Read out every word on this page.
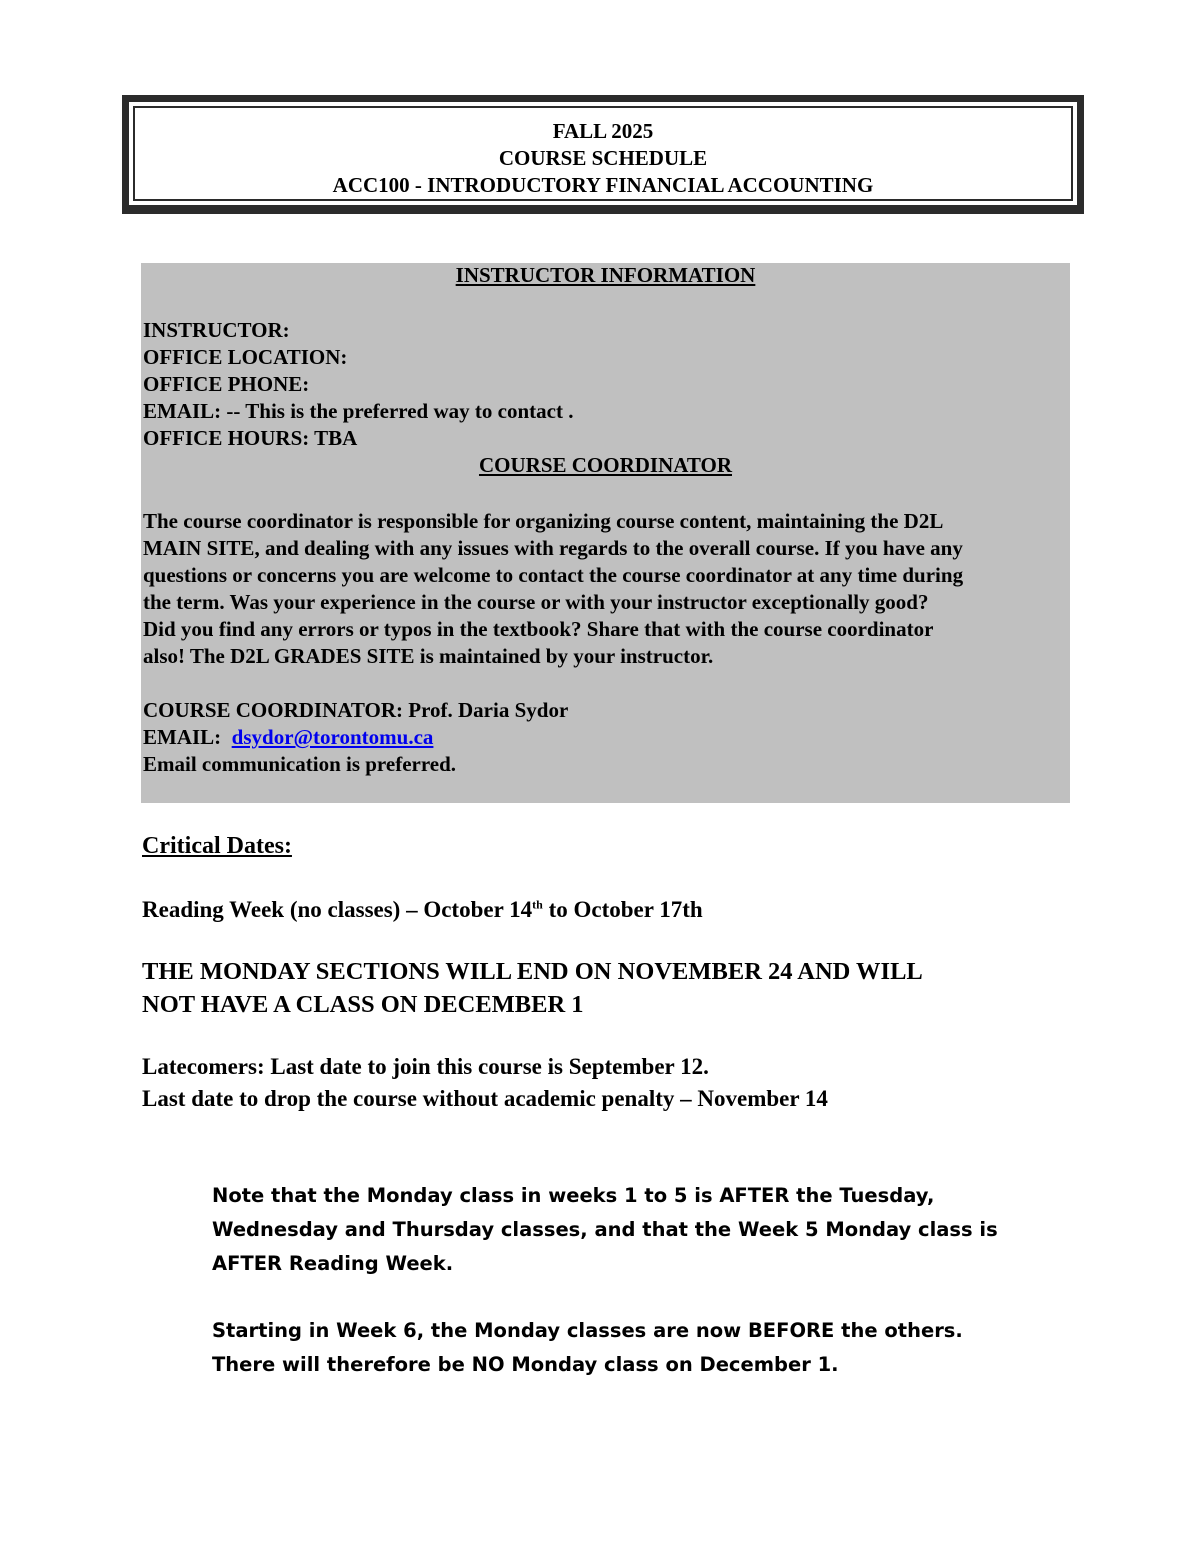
FALL 2025
COURSE SCHEDULE
ACC100 - INTRODUCTORY FINANCIAL ACCOUNTING
INSTRUCTOR INFORMATION
INSTRUCTOR:
OFFICE LOCATION:
OFFICE PHONE:
EMAIL: -- This is the preferred way to contact .
OFFICE HOURS: TBA
COURSE COORDINATOR
The course coordinator is responsible for organizing course content, maintaining the D2L
MAIN SITE, and dealing with any issues with regards to the overall course. If you have any
questions or concerns you are welcome to contact the course coordinator at any time during
the term. Was your experience in the course or with your instructor exceptionally good?
Did you find any errors or typos in the textbook? Share that with the course coordinator
also! The D2L GRADES SITE is maintained by your instructor.
COURSE COORDINATOR: Prof. Daria Sydor
EMAIL: dsydor@torontomu.ca
Email communication is preferred.
Critical Dates:
Reading Week (no classes) – October 14th to October 17th
THE MONDAY SECTIONS WILL END ON NOVEMBER 24 AND WILL
NOT HAVE A CLASS ON DECEMBER 1
Latecomers: Last date to join this course is September 12.
Last date to drop the course without academic penalty – November 14
Note that the Monday class in weeks 1 to 5 is AFTER the Tuesday,
Wednesday and Thursday classes, and that the Week 5 Monday class is
AFTER Reading Week.
Starting in Week 6, the Monday classes are now BEFORE the others.
There will therefore be NO Monday class on December 1.
